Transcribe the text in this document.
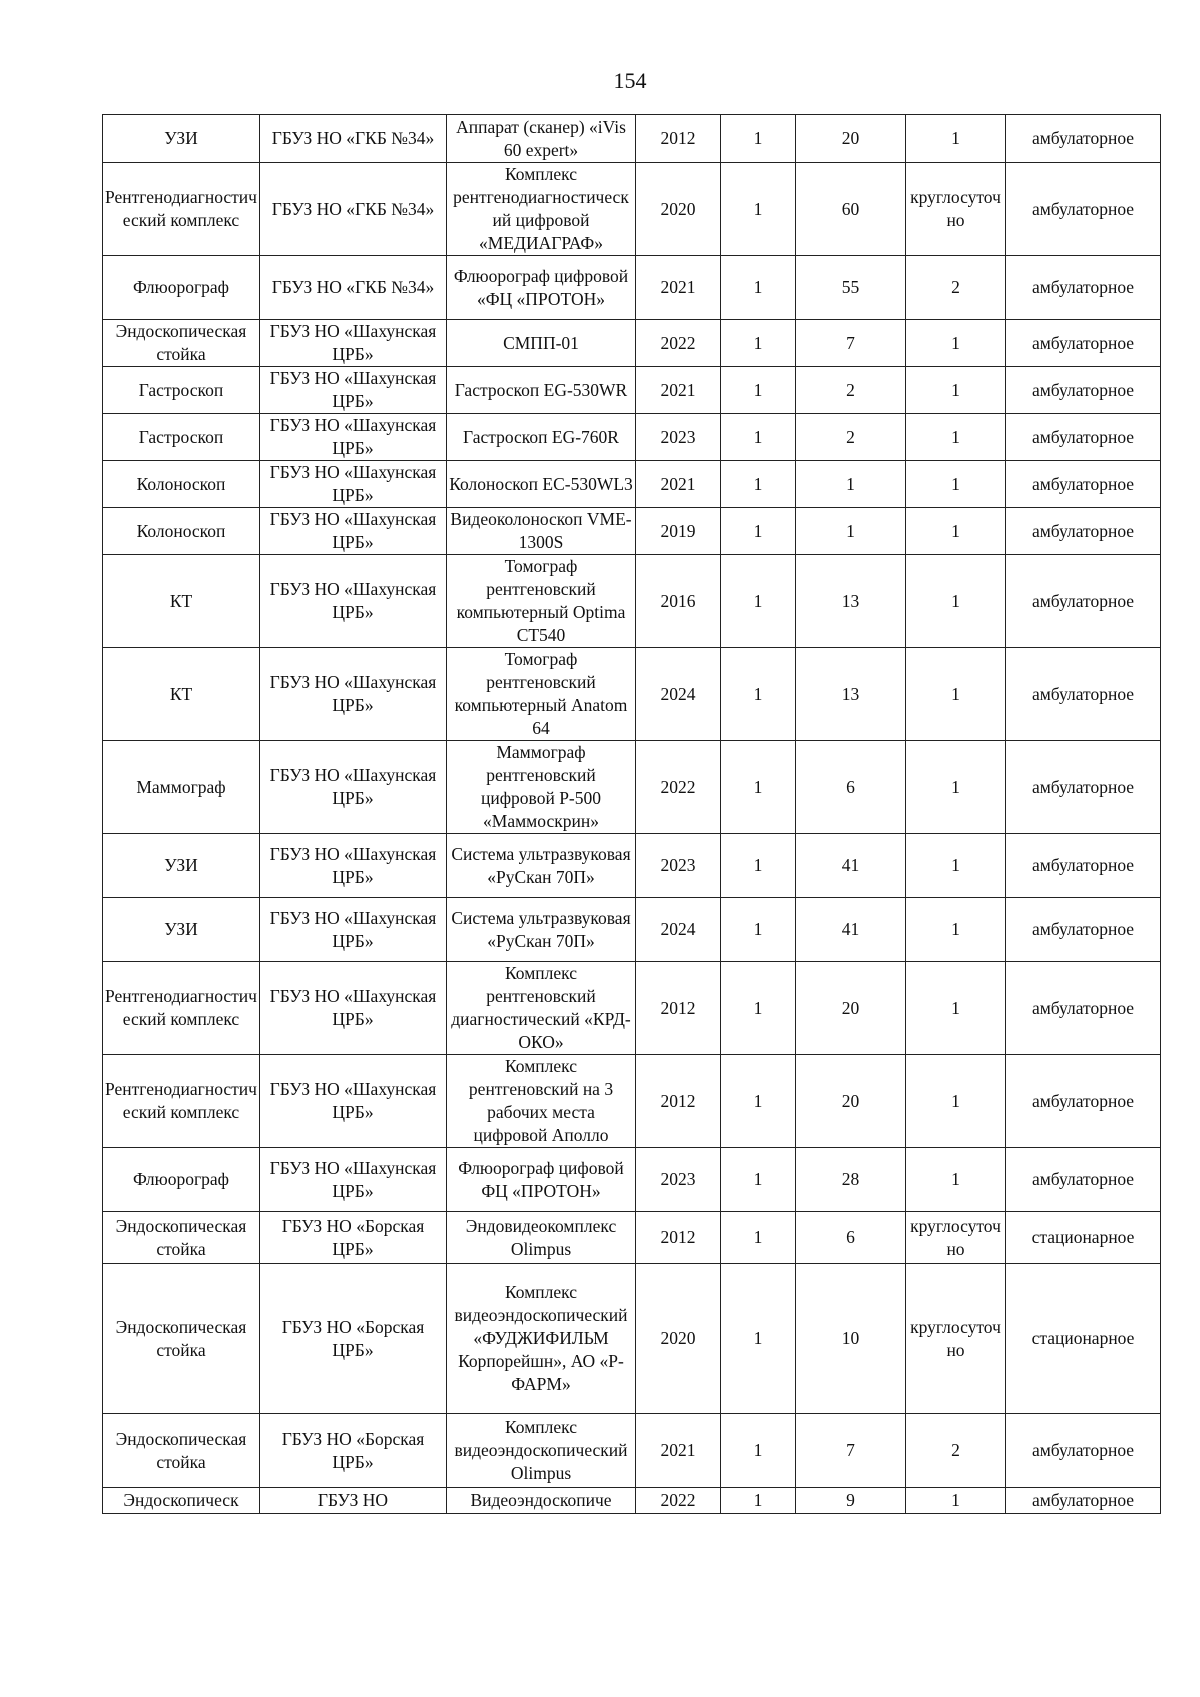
154
УЗИ	ГБУЗ НО «ГКБ №34»	Аппарат (сканер) «iVis 60 expert»	2012	1	20	1	амбулаторное
Рентгенодиагностический комплекс	ГБУЗ НО «ГКБ №34»	Комплекс рентгенодиагностический цифровой «МЕДИАГРАФ»	2020	1	60	круглосуточно	амбулаторное
Флюорограф	ГБУЗ НО «ГКБ №34»	Флюорограф цифровой «ФЦ «ПРОТОН»	2021	1	55	2	амбулаторное
Эндоскопическая стойка	ГБУЗ НО «Шахунская ЦРБ»	СМПП-01	2022	1	7	1	амбулаторное
Гастроскоп	ГБУЗ НО «Шахунская ЦРБ»	Гастроскоп EG-530WR	2021	1	2	1	амбулаторное
Гастроскоп	ГБУЗ НО «Шахунская ЦРБ»	Гастроскоп EG-760R	2023	1	2	1	амбулаторное
Колоноскоп	ГБУЗ НО «Шахунская ЦРБ»	Колоноскоп EC-530WL3	2021	1	1	1	амбулаторное
Колоноскоп	ГБУЗ НО «Шахунская ЦРБ»	Видеоколоноскоп VME-1300S	2019	1	1	1	амбулаторное
КТ	ГБУЗ НО «Шахунская ЦРБ»	Томограф рентгеновский компьютерный Optima CT540	2016	1	13	1	амбулаторное
КТ	ГБУЗ НО «Шахунская ЦРБ»	Томограф рентгеновский компьютерный Anatom 64	2024	1	13	1	амбулаторное
Маммограф	ГБУЗ НО «Шахунская ЦРБ»	Маммограф рентгеновский цифровой Р-500 «Маммоскрин»	2022	1	6	1	амбулаторное
УЗИ	ГБУЗ НО «Шахунская ЦРБ»	Система ультразвуковая «РуСкан 70П»	2023	1	41	1	амбулаторное
УЗИ	ГБУЗ НО «Шахунская ЦРБ»	Система ультразвуковая «РуСкан 70П»	2024	1	41	1	амбулаторное
Рентгенодиагностический комплекс	ГБУЗ НО «Шахунская ЦРБ»	Комплекс рентгеновский диагностический «КРД-ОКО»	2012	1	20	1	амбулаторное
Рентгенодиагностический комплекс	ГБУЗ НО «Шахунская ЦРБ»	Комплекс рентгеновский на 3 рабочих места цифровой Аполло	2012	1	20	1	амбулаторное
Флюорограф	ГБУЗ НО «Шахунская ЦРБ»	Флюорограф цифовой ФЦ «ПРОТОН»	2023	1	28	1	амбулаторное
Эндоскопическая стойка	ГБУЗ НО «Борская ЦРБ»	Эндовидеокомплекс Olimpus	2012	1	6	круглосуточно	стационарное
Эндоскопическая стойка	ГБУЗ НО «Борская ЦРБ»	Комплекс видеоэндоскопический «ФУДЖИФИЛЬМ Корпорейшн», АО «Р-ФАРМ»	2020	1	10	круглосуточно	стационарное
Эндоскопическая стойка	ГБУЗ НО «Борская ЦРБ»	Комплекс видеоэндоскопический Olimpus	2021	1	7	2	амбулаторное
Эндоскопическ	ГБУЗ НО	Видеоэндоскопиче	2022	1	9	1	амбулаторное
